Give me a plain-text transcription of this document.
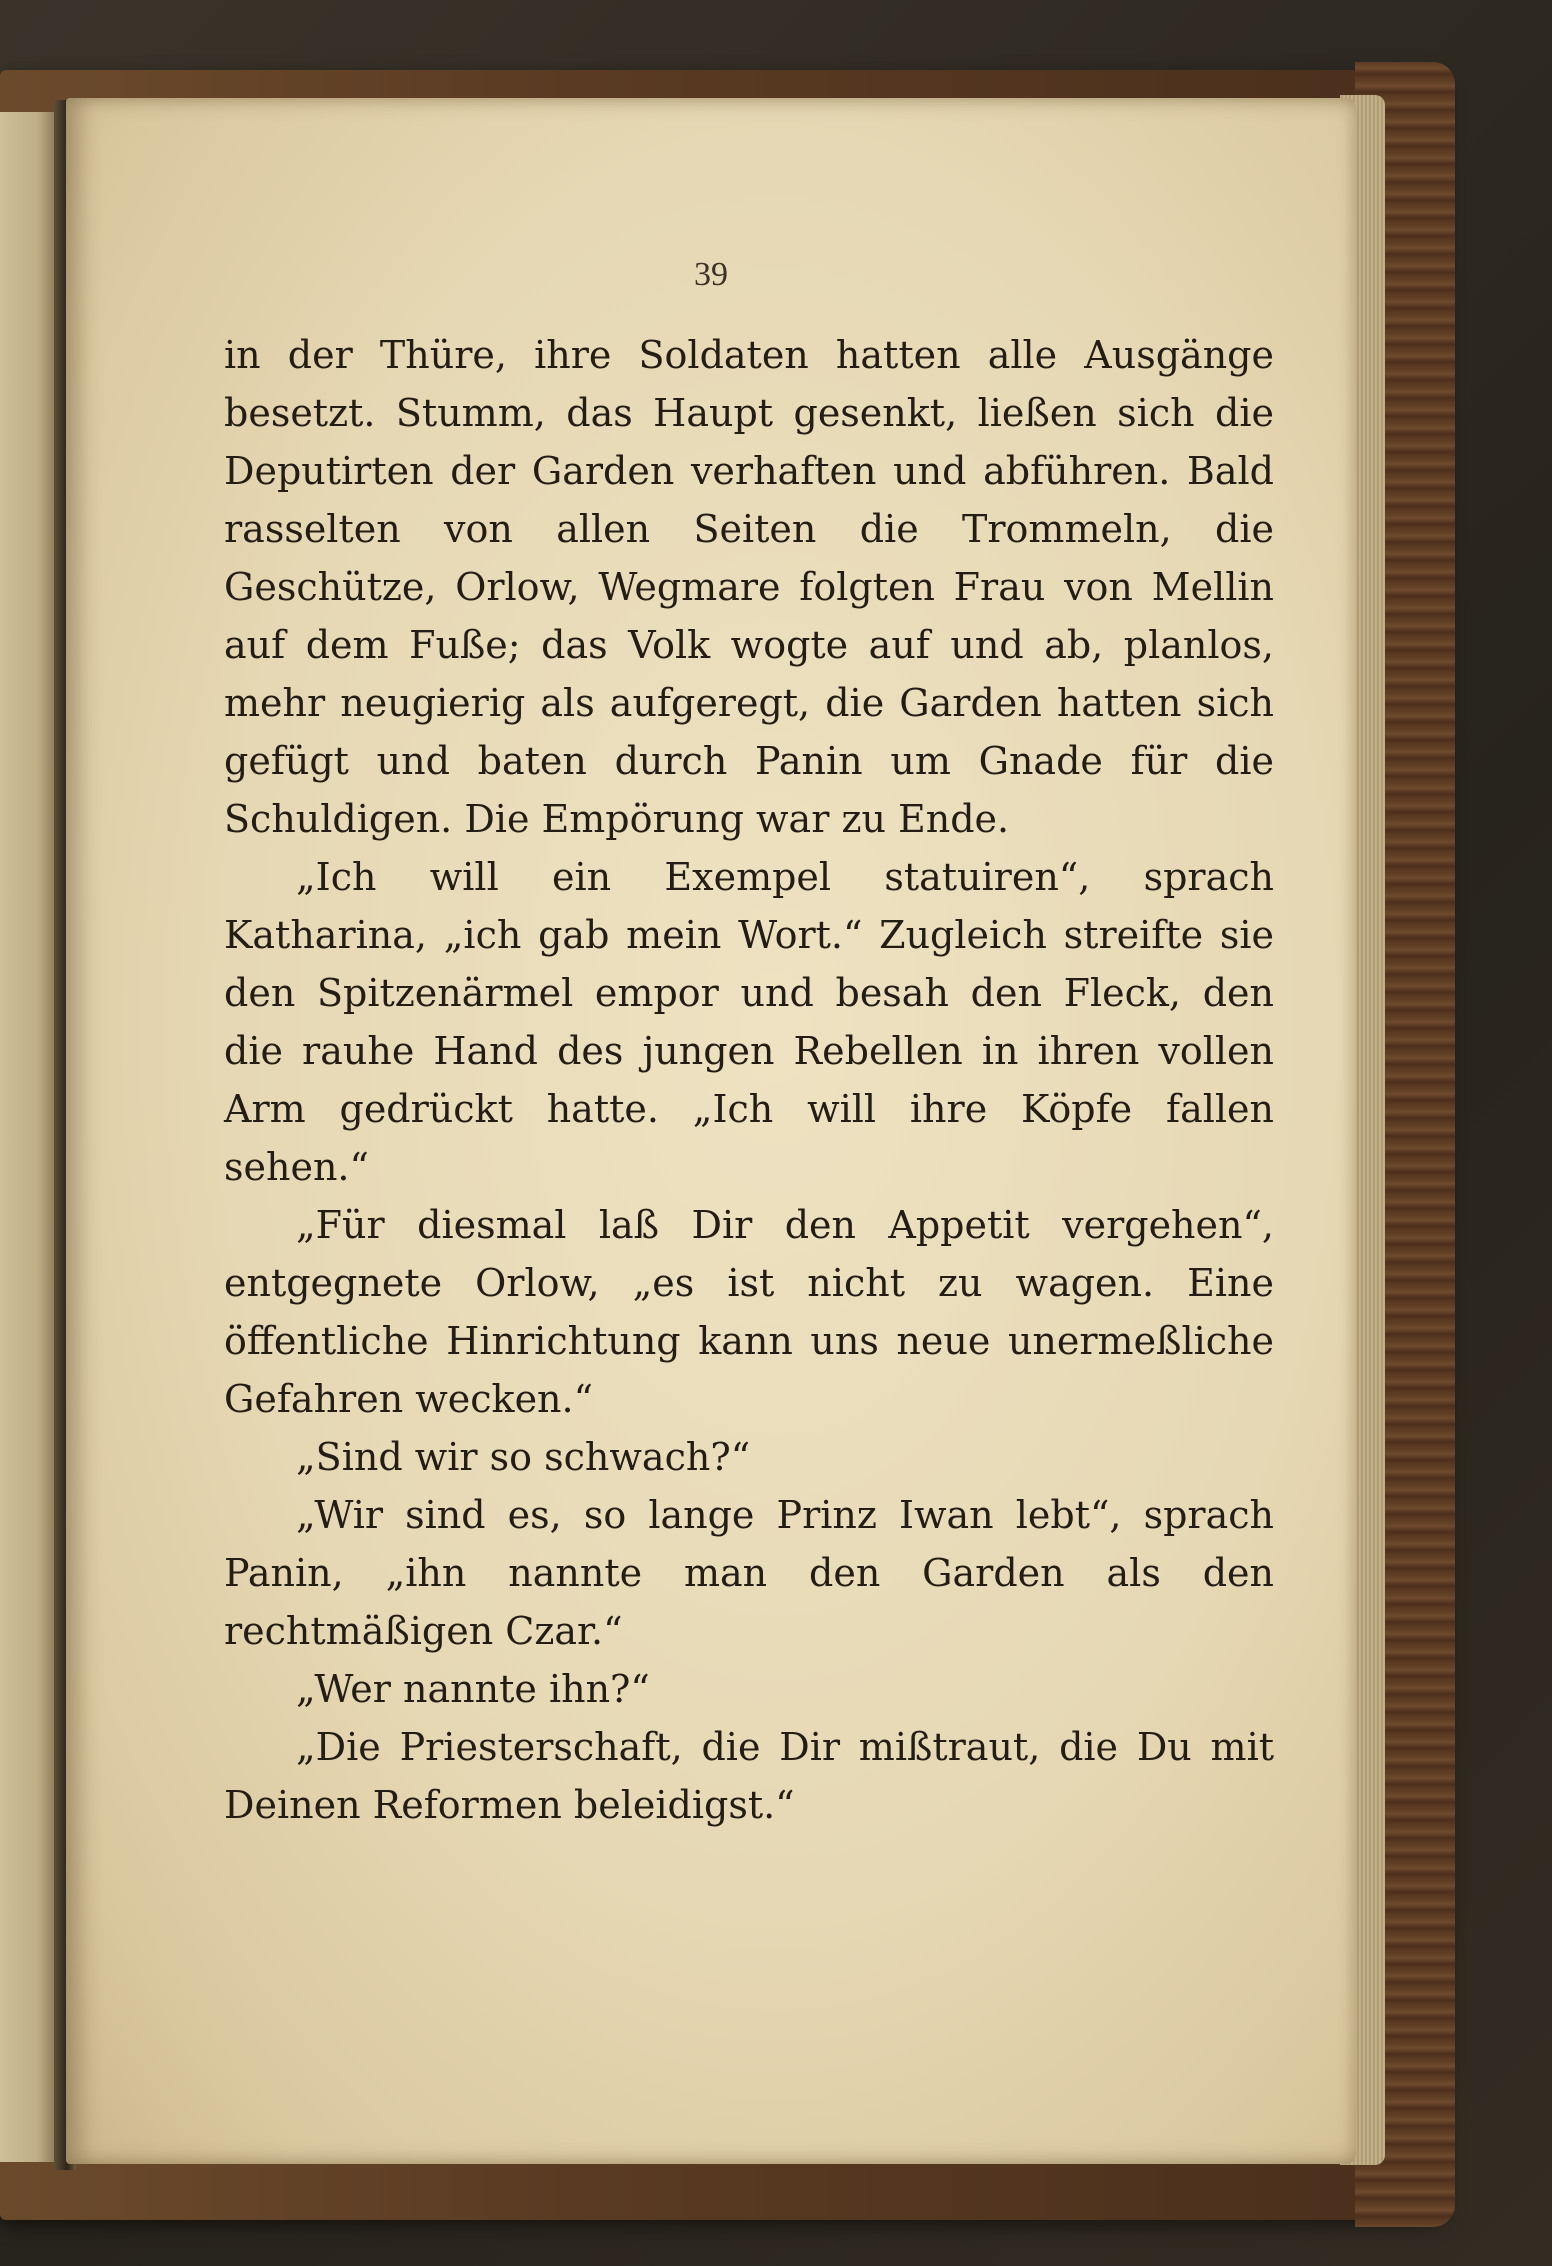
39

in der Thüre, ihre Soldaten hatten alle Ausgänge besetzt. Stumm, das Haupt gesenkt, ließen sich die Deputirten der Garden verhaften und abführen. Bald rasselten von allen Seiten die Trommeln, die Geschütze, Orlow, Wegmare folgten Frau von Mellin auf dem Fuße; das Volk wogte auf und ab, planlos, mehr neugierig als aufgeregt, die Garden hatten sich gefügt und baten durch Panin um Gnade für die Schuldigen. Die Empörung war zu Ende.

„Ich will ein Exempel statuiren“, sprach Katharina, „ich gab mein Wort.“ Zugleich streifte sie den Spitzenärmel empor und besah den Fleck, den die rauhe Hand des jungen Rebellen in ihren vollen Arm gedrückt hatte. „Ich will ihre Köpfe fallen sehen.“

„Für diesmal laß Dir den Appetit vergehen“, entgegnete Orlow, „es ist nicht zu wagen. Eine öffentliche Hinrichtung kann uns neue unermeßliche Gefahren wecken.“

„Sind wir so schwach?“

„Wir sind es, so lange Prinz Iwan lebt“, sprach Panin, „ihn nannte man den Garden als den rechtmäßigen Czar.“

„Wer nannte ihn?“

„Die Priesterschaft, die Dir mißtraut, die Du mit Deinen Reformen beleidigst.“
